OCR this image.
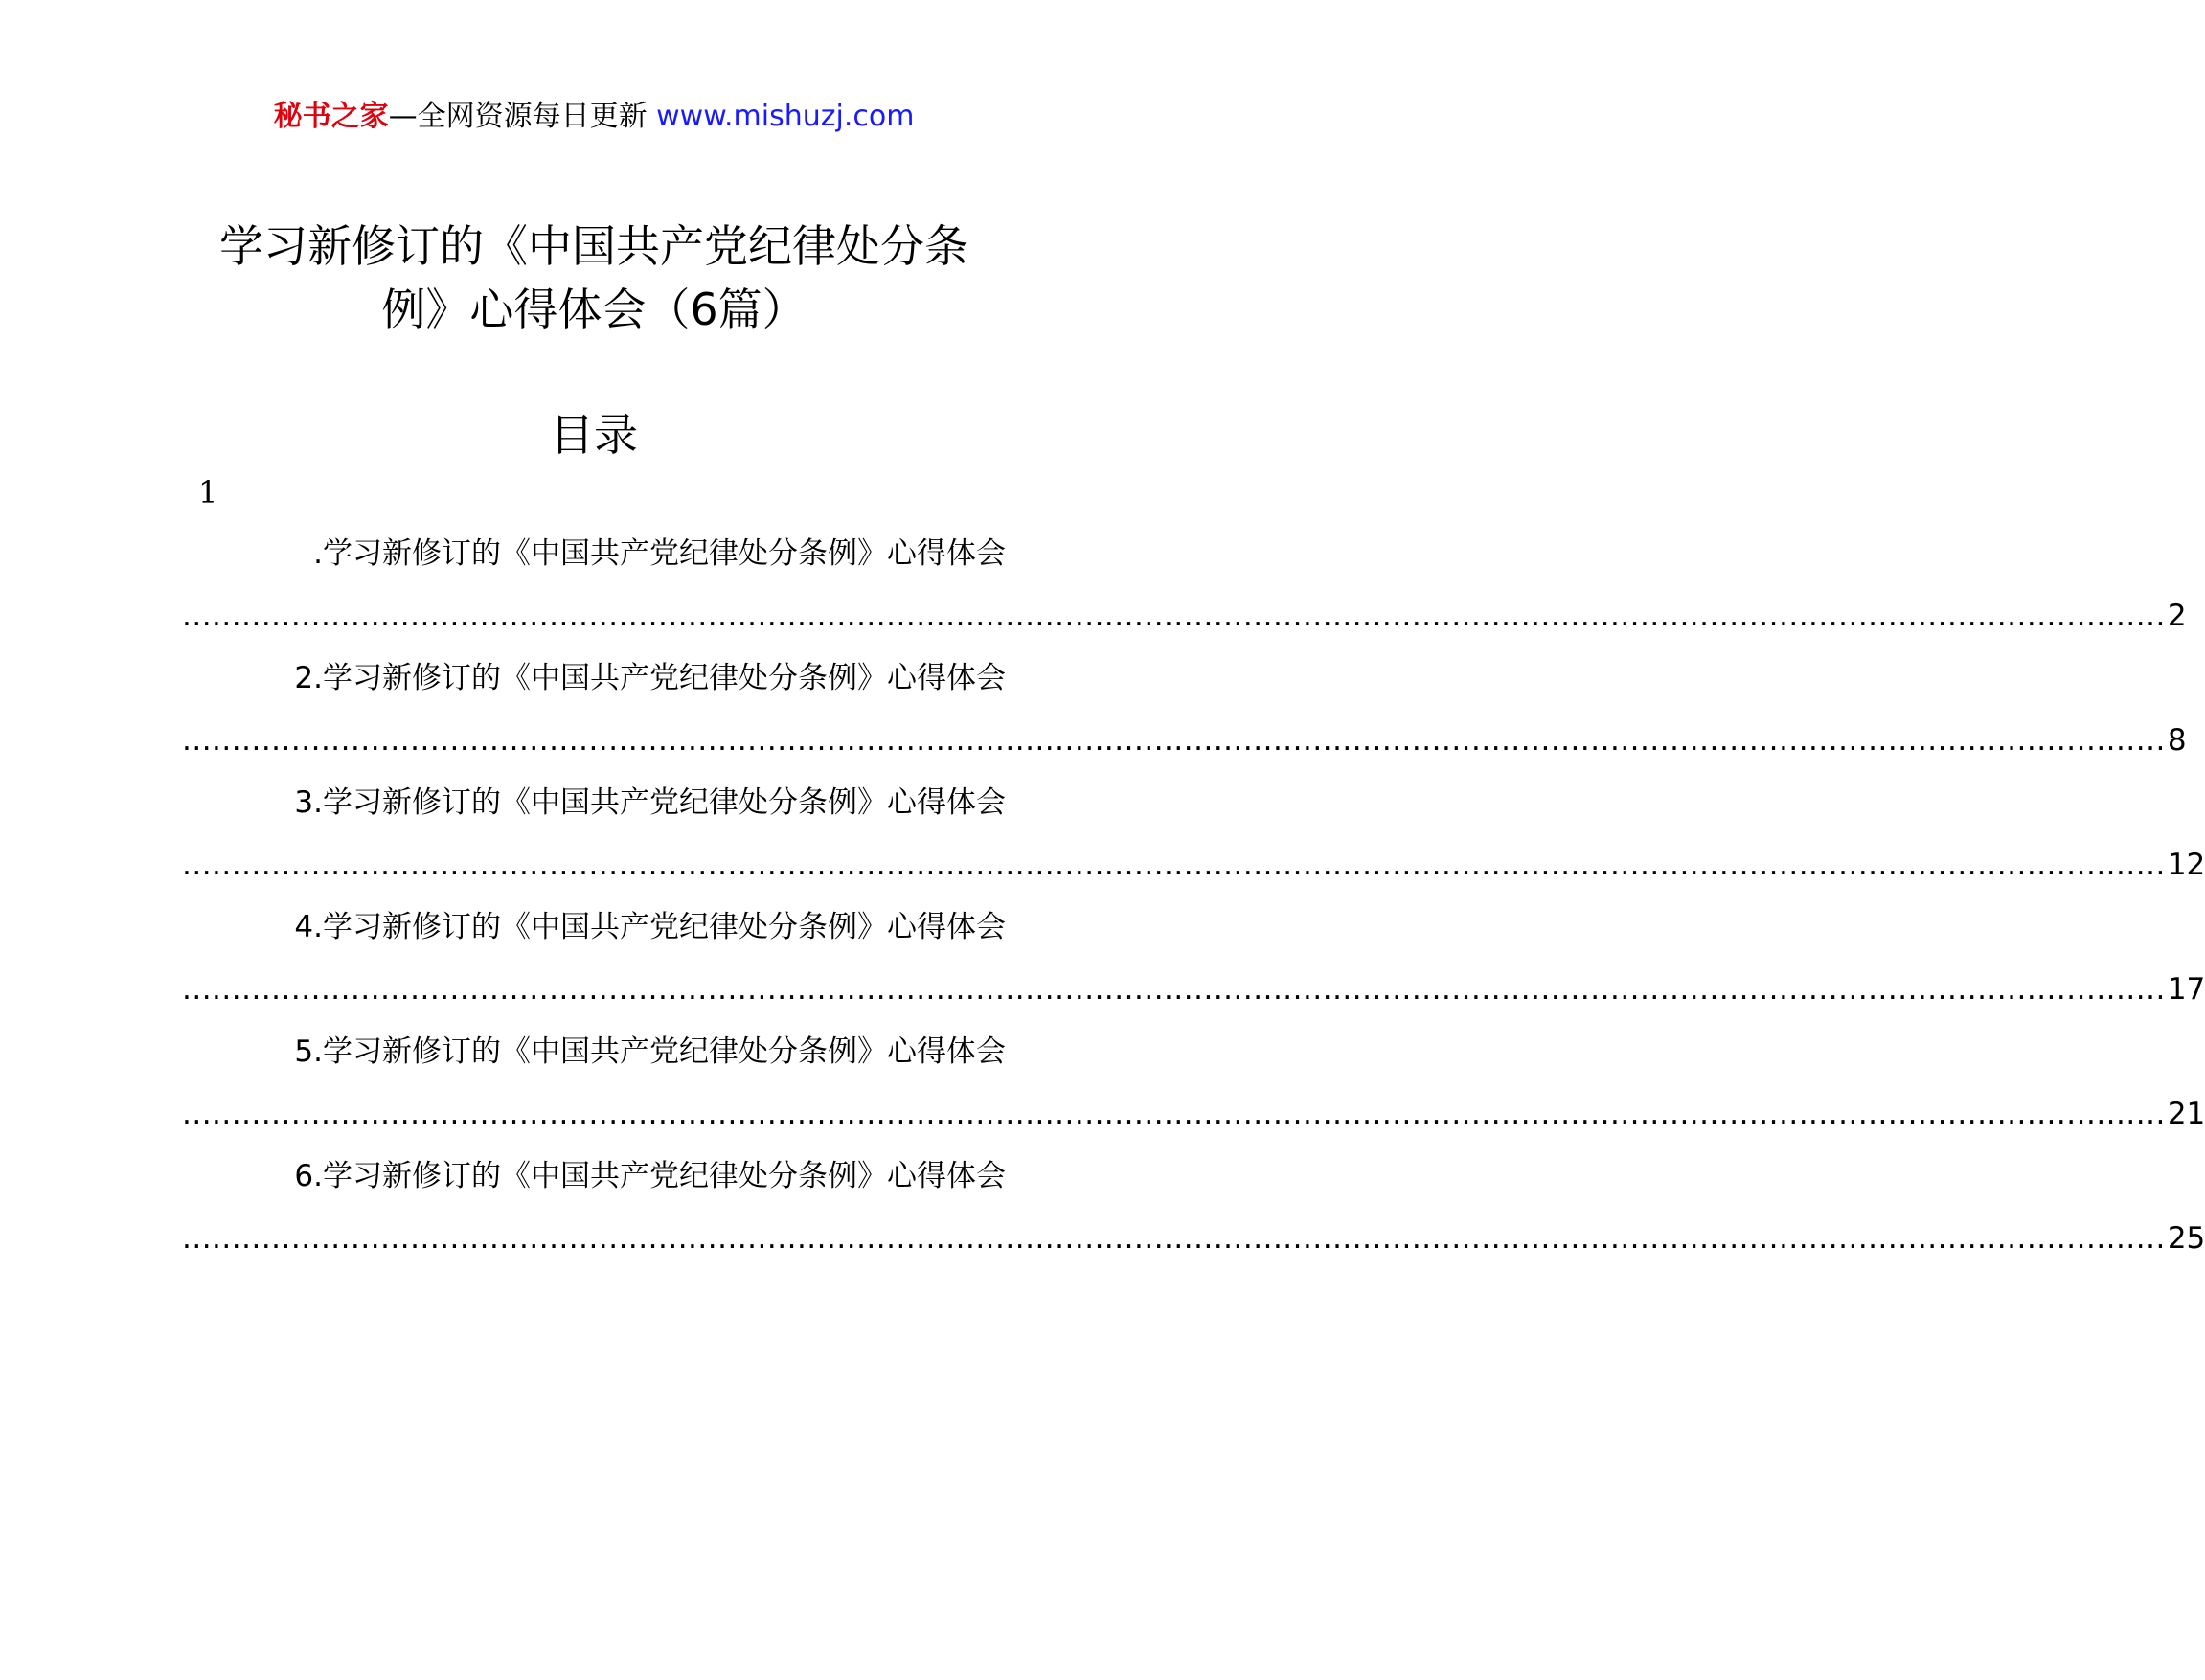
秘书之家—全网资源每日更新 www.mishuzj.com
学习新修订的《中国共产党纪律处分条
例》心得体会（6篇）
目录
1
.学习新修订的《中国共产党纪律处分条例》心得体会
........................................................................................................................................................................................................ 2
2.学习新修订的《中国共产党纪律处分条例》心得体会
........................................................................................................................................................................................................ 8
3.学习新修订的《中国共产党纪律处分条例》心得体会
........................................................................................................................................................................................................ 12
4.学习新修订的《中国共产党纪律处分条例》心得体会
........................................................................................................................................................................................................ 17
5.学习新修订的《中国共产党纪律处分条例》心得体会
........................................................................................................................................................................................................ 21
6.学习新修订的《中国共产党纪律处分条例》心得体会
........................................................................................................................................................................................................ 25
